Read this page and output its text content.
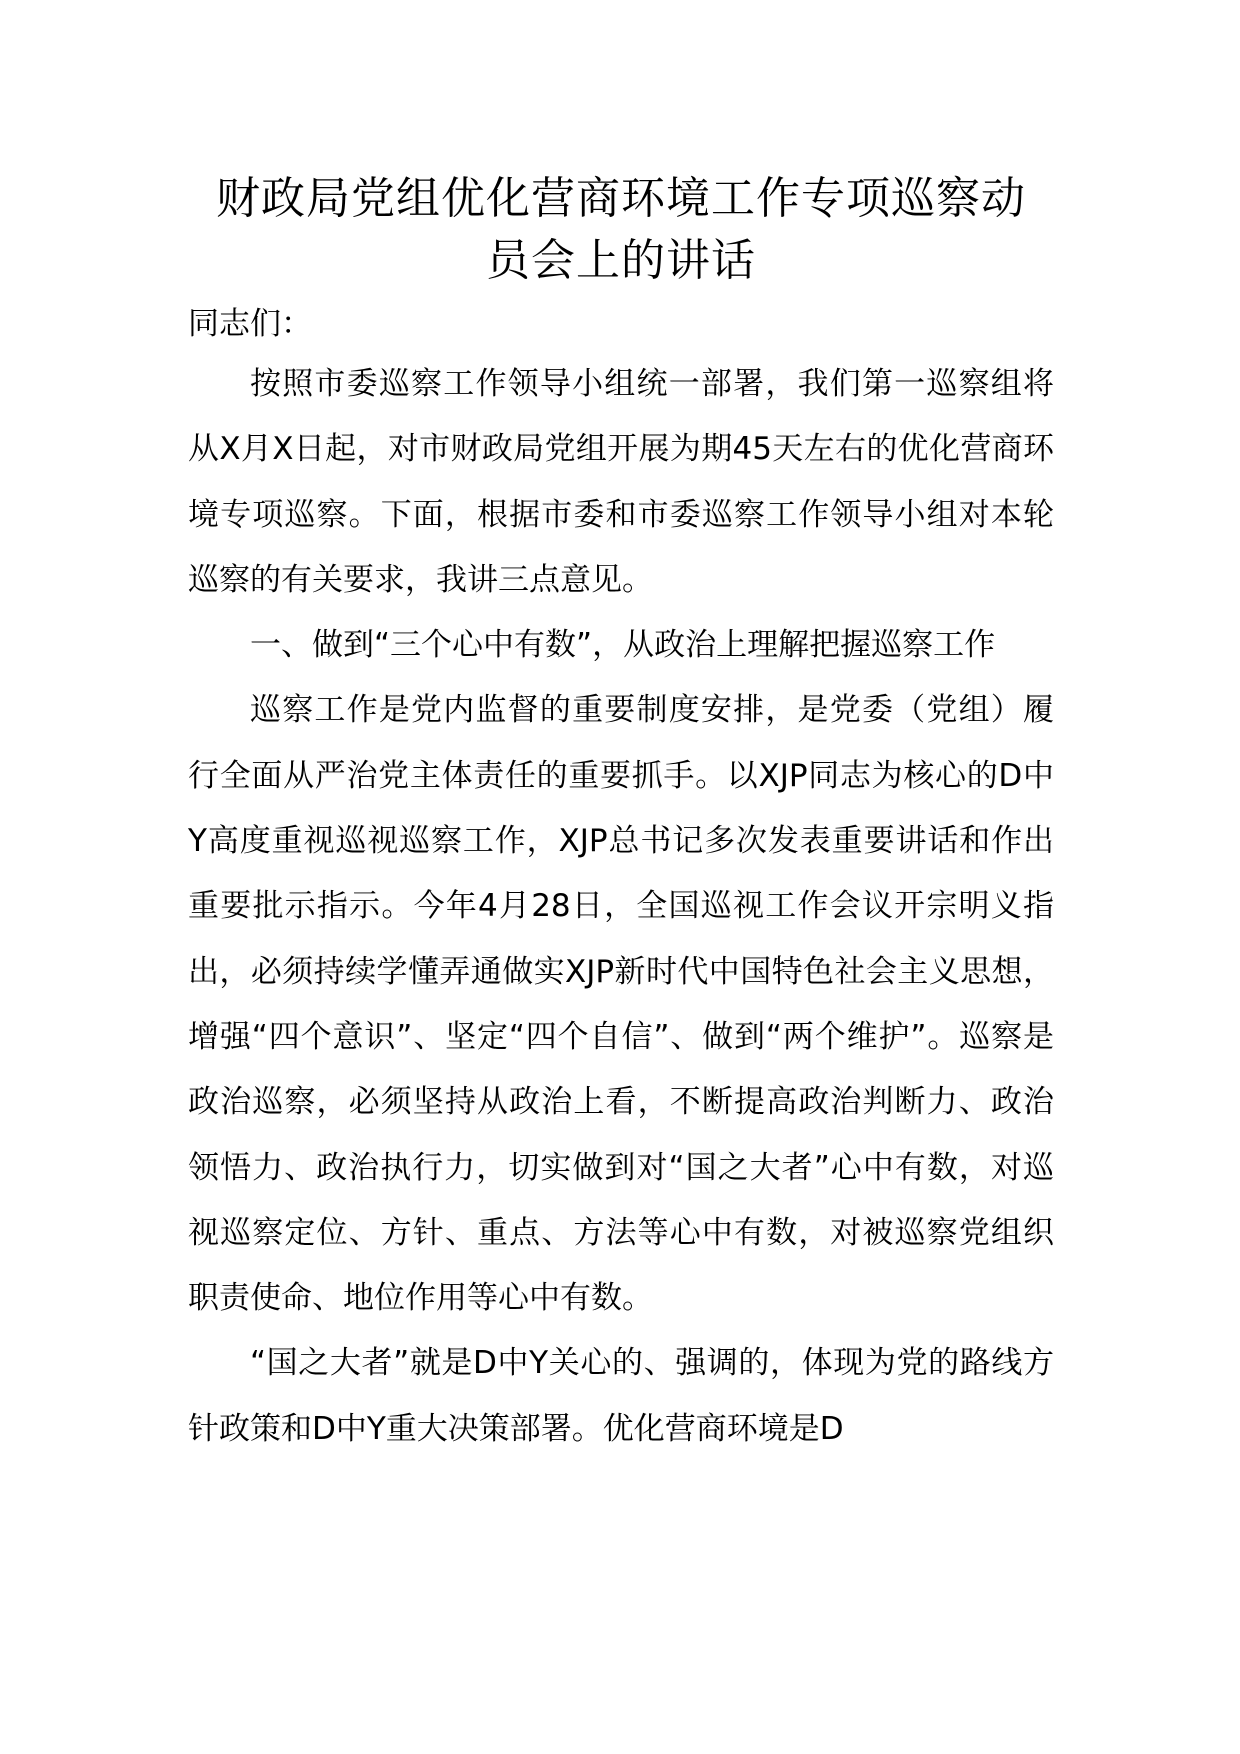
财政局党组优化营商环境工作专项巡察动
员会上的讲话

同志们：

按照市委巡察工作领导小组统一部署，我们第一巡察组将从X月X日起，对市财政局党组开展为期45天左右的优化营商环境专项巡察。下面，根据市委和市委巡察工作领导小组对本轮巡察的有关要求，我讲三点意见。

一、做到“三个心中有数”，从政治上理解把握巡察工作

巡察工作是党内监督的重要制度安排，是党委（党组）履行全面从严治党主体责任的重要抓手。以XJP同志为核心的D中Y高度重视巡视巡察工作，XJP总书记多次发表重要讲话和作出重要批示指示。今年4月28日，全国巡视工作会议开宗明义指出，必须持续学懂弄通做实XJP新时代中国特色社会主义思想，增强“四个意识”、坚定“四个自信”、做到“两个维护”。巡察是政治巡察，必须坚持从政治上看，不断提高政治判断力、政治领悟力、政治执行力，切实做到对“国之大者”心中有数，对巡视巡察定位、方针、重点、方法等心中有数，对被巡察党组织职责使命、地位作用等心中有数。

“国之大者”就是D中Y关心的、强调的，体现为党的路线方针政策和D中Y重大决策部署。优化营商环境是D
